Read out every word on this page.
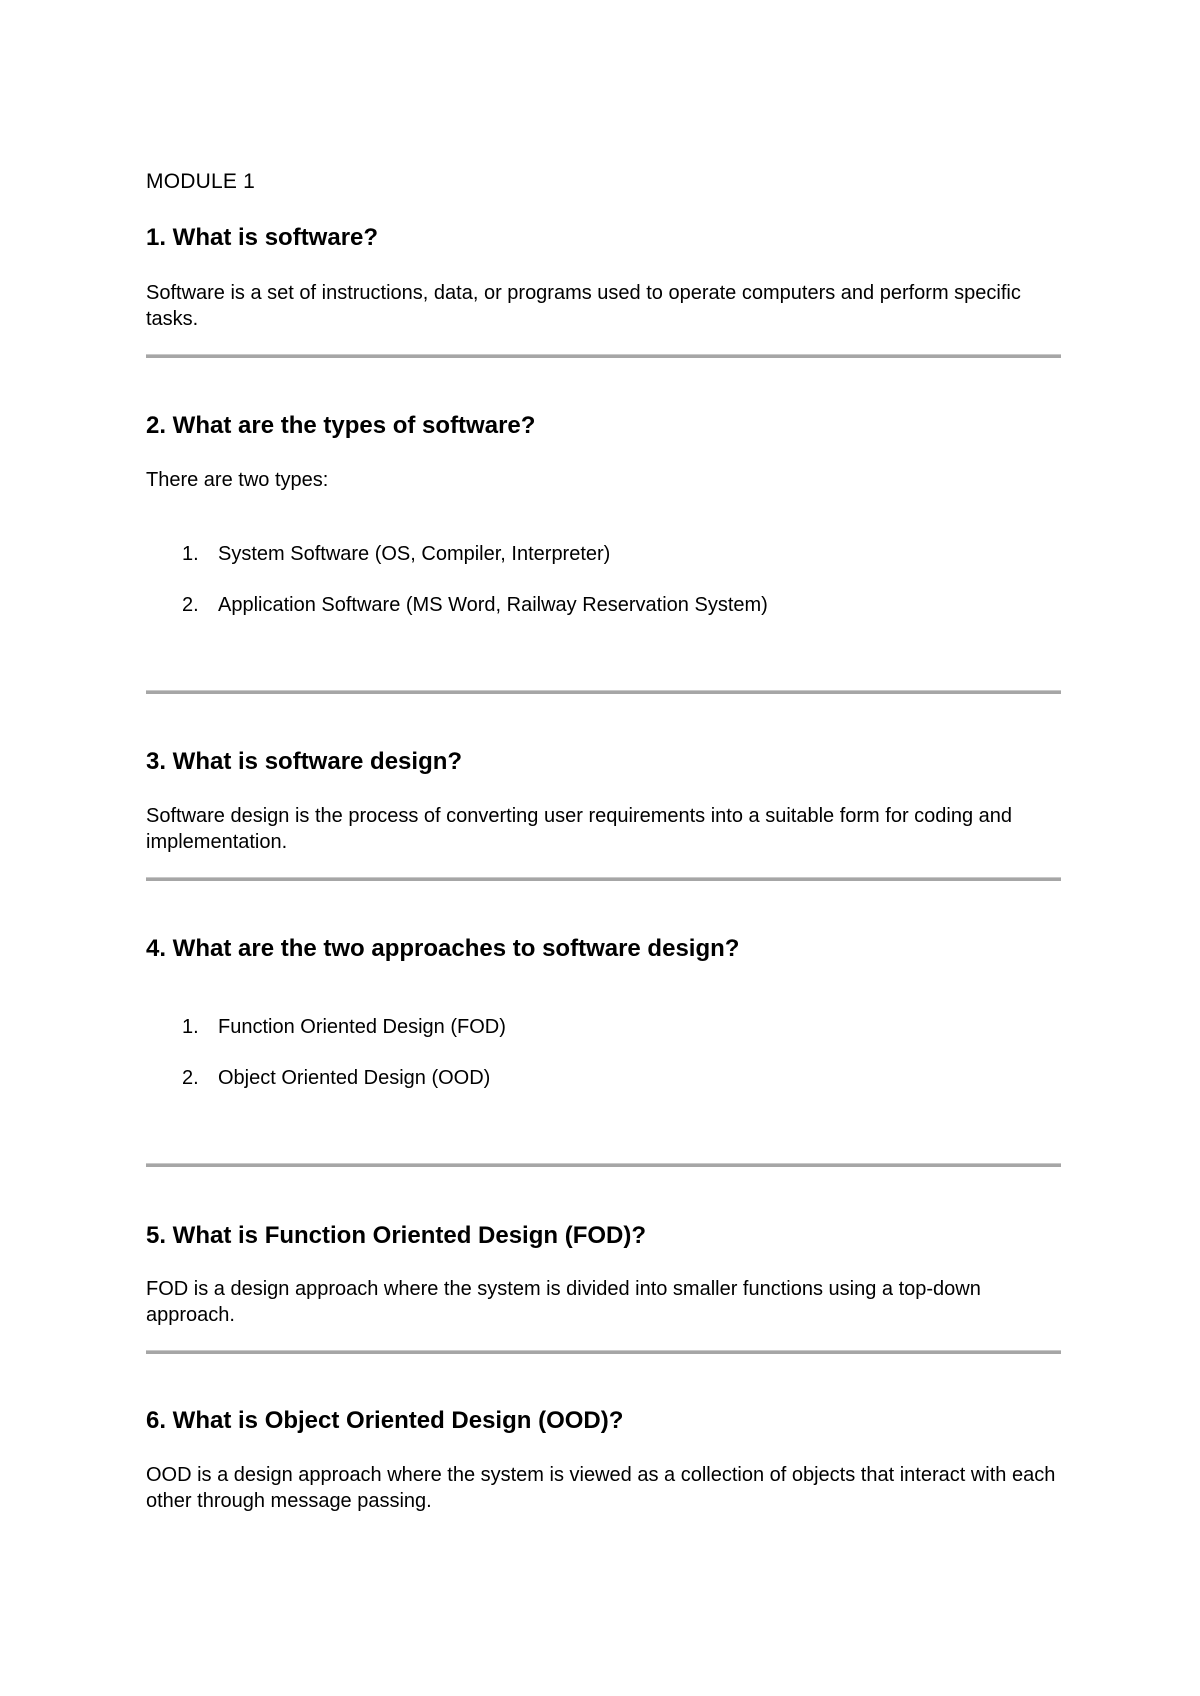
MODULE 1

1. What is software?

Software is a set of instructions, data, or programs used to operate computers and perform specific tasks.

2. What are the types of software?

There are two types:

1. System Software (OS, Compiler, Interpreter)

2. Application Software (MS Word, Railway Reservation System)

3. What is software design?

Software design is the process of converting user requirements into a suitable form for coding and implementation.

4. What are the two approaches to software design?

1. Function Oriented Design (FOD)

2. Object Oriented Design (OOD)

5. What is Function Oriented Design (FOD)?

FOD is a design approach where the system is divided into smaller functions using a top-down approach.

6. What is Object Oriented Design (OOD)?

OOD is a design approach where the system is viewed as a collection of objects that interact with each other through message passing.
